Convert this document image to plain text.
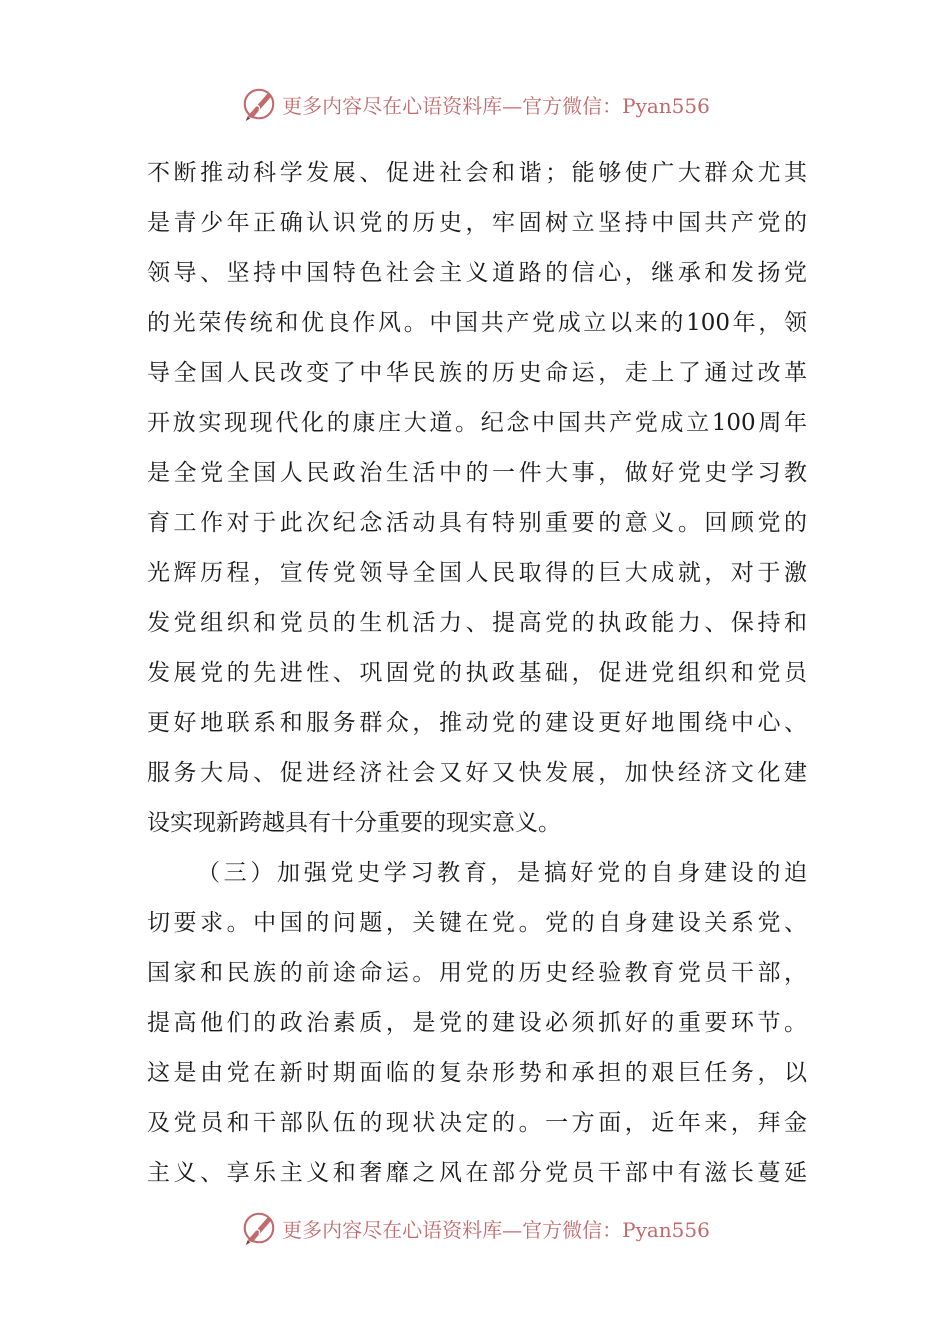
更多内容尽在心语资料库—官方微信：Pyan556
不断推动科学发展、促进社会和谐；能够使广大群众尤其
是青少年正确认识党的历史，牢固树立坚持中国共产党的
领导、坚持中国特色社会主义道路的信心，继承和发扬党
的光荣传统和优良作风。中国共产党成立以来的100年，领
导全国人民改变了中华民族的历史命运，走上了通过改革
开放实现现代化的康庄大道。纪念中国共产党成立100周年
是全党全国人民政治生活中的一件大事，做好党史学习教
育工作对于此次纪念活动具有特别重要的意义。回顾党的
光辉历程，宣传党领导全国人民取得的巨大成就，对于激
发党组织和党员的生机活力、提高党的执政能力、保持和
发展党的先进性、巩固党的执政基础，促进党组织和党员
更好地联系和服务群众，推动党的建设更好地围绕中心、
服务大局、促进经济社会又好又快发展，加快经济文化建
设实现新跨越具有十分重要的现实意义。
（三）加强党史学习教育，是搞好党的自身建设的迫
切要求。中国的问题，关键在党。党的自身建设关系党、
国家和民族的前途命运。用党的历史经验教育党员干部，
提高他们的政治素质，是党的建设必须抓好的重要环节。
这是由党在新时期面临的复杂形势和承担的艰巨任务，以
及党员和干部队伍的现状决定的。一方面，近年来，拜金
主义、享乐主义和奢靡之风在部分党员干部中有滋长蔓延
更多内容尽在心语资料库—官方微信：Pyan556
